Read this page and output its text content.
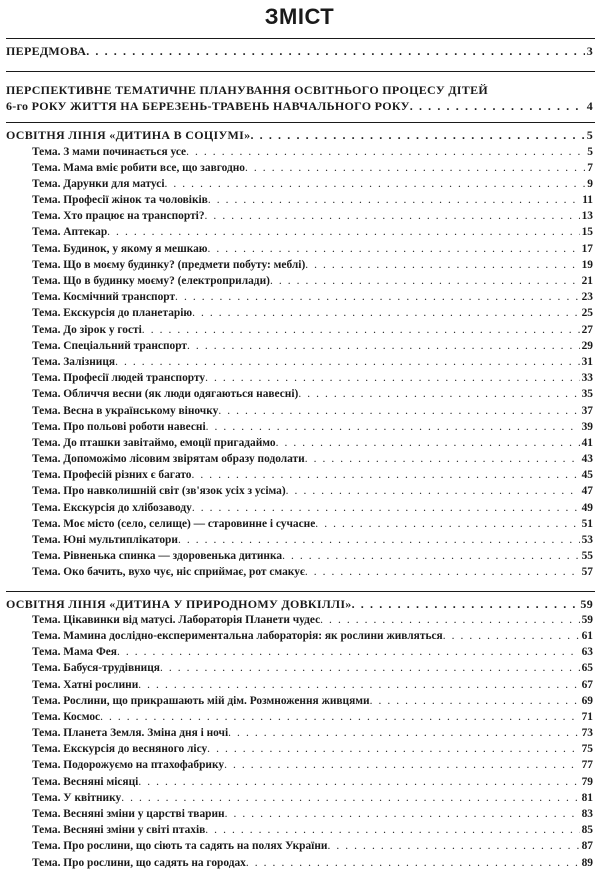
ЗМІСТ
ПЕРЕДМОВА . . .	3
ПЕРСПЕКТИВНЕ ТЕМАТИЧНЕ ПЛАНУВАННЯ ОСВІТНЬОГО ПРОЦЕСУ ДІТЕЙ
6-го РОКУ ЖИТТЯ НА БЕРЕЗЕНЬ-ТРАВЕНЬ НАВЧАЛЬНОГО РОКУ . . .	4
ОСВІТНЯ ЛІНІЯ «ДИТИНА В СОЦІУМІ» . . .	5
Тема. З мами починається усе . . .	5
Тема. Мама вміє робити все, що завгодно . . .	7
Тема. Дарунки для матусі . . .	9
Тема. Професії жінок та чоловіків . . .	11
Тема. Хто працює на транспорті? . . .	13
Тема. Аптекар . . .	15
Тема. Будинок, у якому я мешкаю . . .	17
Тема. Що в моєму будинку? (предмети побуту: меблі) . . .	19
Тема. Що в будинку моєму? (електроприлади) . . .	21
Тема. Космічний транспорт . . .	23
Тема. Екскурсія до планетарію . . .	25
Тема. До зірок у гості . . .	27
Тема. Спеціальний транспорт . . .	29
Тема. Залізниця . . .	31
Тема. Професії людей транспорту . . .	33
Тема. Обличчя весни (як люди одягаються навесні) . . .	35
Тема. Весна в українському віночку . . .	37
Тема. Про польові роботи навесні . . .	39
Тема. До пташки завітаймо, емоції пригадаймо . . .	41
Тема. Допоможімо лісовим звірятам образу подолати . . .	43
Тема. Професій різних є багато . . .	45
Тема. Про навколишній світ (зв'язок усіх з усіма) . . .	47
Тема. Екскурсія до хлібозаводу . . .	49
Тема. Моє місто (село, селище) — старовинне і сучасне . . .	51
Тема. Юні мультиплікатори . . .	53
Тема. Рівненька спинка — здоровенька дитинка . . .	55
Тема. Око бачить, вухо чує, ніс сприймає, рот смакує . . .	57
ОСВІТНЯ ЛІНІЯ «ДИТИНА У ПРИРОДНОМУ ДОВКІЛЛІ» . . .	59
Тема. Цікавинки від матусі. Лабораторія Планети чудес . . .	59
Тема. Мамина дослідно-експериментальна лабораторія: як рослини живляться . . .	61
Тема. Мама Фея . . .	63
Тема. Бабуся-трудівниця . . .	65
Тема. Хатні рослини . . .	67
Тема. Рослини, що прикрашають мій дім. Розмноження живцями . . .	69
Тема. Космос . . .	71
Тема. Планета Земля. Зміна дня і ночі . . .	73
Тема. Екскурсія до весняного лісу . . .	75
Тема. Подорожуємо на птахофабрику . . .	77
Тема. Весняні місяці . . .	79
Тема. У квітнику . . .	81
Тема. Весняні зміни у царстві тварин . . .	83
Тема. Весняні зміни у світі птахів . . .	85
Тема. Про рослини, що сіють та садять на полях України . . .	87
Тема. Про рослини, що садять на городах . . .	89
